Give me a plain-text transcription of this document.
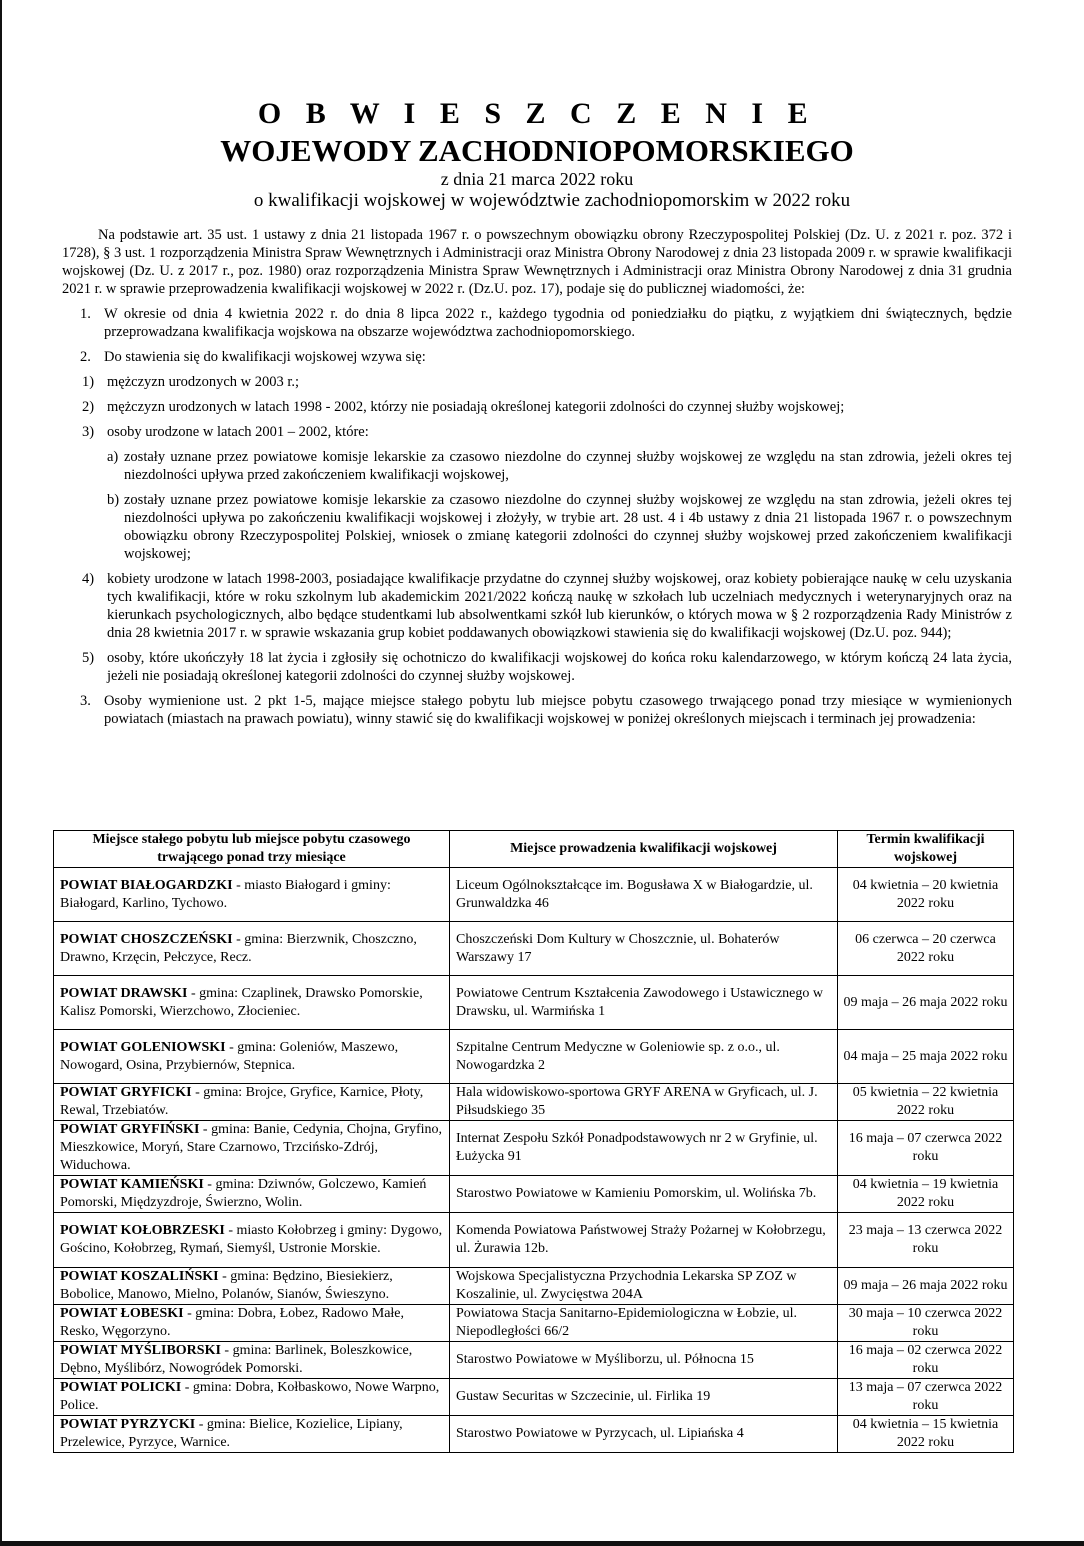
O B W I E S Z C Z E N I E
WOJEWODY ZACHODNIOPOMORSKIEGO
z dnia 21 marca 2022 roku
o kwalifikacji wojskowej w województwie zachodniopomorskim w 2022 roku
Na podstawie art. 35 ust. 1 ustawy z dnia 21 listopada 1967 r. o powszechnym obowiązku obrony Rzeczypospolitej Polskiej (Dz. U. z 2021 r. poz. 372 i 1728), § 3 ust. 1 rozporządzenia Ministra Spraw Wewnętrznych i Administracji oraz Ministra Obrony Narodowej z dnia 23 listopada 2009 r. w sprawie kwalifikacji wojskowej (Dz. U. z 2017 r., poz. 1980) oraz rozporządzenia Ministra Spraw Wewnętrznych i Administracji oraz Ministra Obrony Narodowej z dnia 31 grudnia 2021 r. w sprawie przeprowadzenia kwalifikacji wojskowej w 2022 r. (Dz.U. poz. 17), podaje się do publicznej wiadomości, że:
1. W okresie od dnia 4 kwietnia 2022 r. do dnia 8 lipca 2022 r., każdego tygodnia od poniedziałku do piątku, z wyjątkiem dni świątecznych, będzie przeprowadzana kwalifikacja wojskowa na obszarze województwa zachodniopomorskiego.
2. Do stawienia się do kwalifikacji wojskowej wzywa się:
1) mężczyzn urodzonych w 2003 r.;
2) mężczyzn urodzonych w latach 1998 - 2002, którzy nie posiadają określonej kategorii zdolności do czynnej służby wojskowej;
3) osoby urodzone w latach 2001 – 2002, które:
a) zostały uznane przez powiatowe komisje lekarskie za czasowo niezdolne do czynnej służby wojskowej ze względu na stan zdrowia, jeżeli okres tej niezdolności upływa przed zakończeniem kwalifikacji wojskowej,
b) zostały uznane przez powiatowe komisje lekarskie za czasowo niezdolne do czynnej służby wojskowej ze względu na stan zdrowia, jeżeli okres tej niezdolności upływa po zakończeniu kwalifikacji wojskowej i złożyły, w trybie art. 28 ust. 4 i 4b ustawy z dnia 21 listopada 1967 r. o powszechnym obowiązku obrony Rzeczypospolitej Polskiej, wniosek o zmianę kategorii zdolności do czynnej służby wojskowej przed zakończeniem kwalifikacji wojskowej;
4) kobiety urodzone w latach 1998-2003, posiadające kwalifikacje przydatne do czynnej służby wojskowej, oraz kobiety pobierające naukę w celu uzyskania tych kwalifikacji, które w roku szkolnym lub akademickim 2021/2022 kończą naukę w szkołach lub uczelniach medycznych i weterynaryjnych oraz na kierunkach psychologicznych, albo będące studentkami lub absolwentkami szkół lub kierunków, o których mowa w § 2 rozporządzenia Rady Ministrów z dnia 28 kwietnia 2017 r. w sprawie wskazania grup kobiet poddawanych obowiązkowi stawienia się do kwalifikacji wojskowej (Dz.U. poz. 944);
5) osoby, które ukończyły 18 lat życia i zgłosiły się ochotniczo do kwalifikacji wojskowej do końca roku kalendarzowego, w którym kończą 24 lata życia, jeżeli nie posiadają określonej kategorii zdolności do czynnej służby wojskowej.
3. Osoby wymienione ust. 2 pkt 1-5, mające miejsce stałego pobytu lub miejsce pobytu czasowego trwającego ponad trzy miesiące w wymienionych powiatach (miastach na prawach powiatu), winny stawić się do kwalifikacji wojskowej w poniżej określonych miejscach i terminach jej prowadzenia:
Miejsce stałego pobytu lub miejsce pobytu czasowego trwającego ponad trzy miesiące	Miejsce prowadzenia kwalifikacji wojskowej	Termin kwalifikacji wojskowej
POWIAT BIAŁOGARDZKI - miasto Białogard i gminy: Białogard, Karlino, Tychowo.	Liceum Ogólnokształcące im. Bogusława X w Białogardzie, ul. Grunwaldzka 46	04 kwietnia – 20 kwietnia 2022 roku
POWIAT CHOSZCZEŃSKI - gmina: Bierzwnik, Choszczno, Drawno, Krzęcin, Pełczyce, Recz.	Choszczeński Dom Kultury w Choszcznie, ul. Bohaterów Warszawy 17	06 czerwca – 20 czerwca 2022 roku
POWIAT DRAWSKI - gmina: Czaplinek, Drawsko Pomorskie, Kalisz Pomorski, Wierzchowo, Złocieniec.	Powiatowe Centrum Kształcenia Zawodowego i Ustawicznego w Drawsku, ul. Warmińska 1	09 maja – 26 maja 2022 roku
POWIAT GOLENIOWSKI - gmina: Goleniów, Maszewo, Nowogard, Osina, Przybiernów, Stepnica.	Szpitalne Centrum Medyczne w Goleniowie sp. z o.o., ul. Nowogardzka 2	04 maja – 25 maja 2022 roku
POWIAT GRYFICKI - gmina: Brojce, Gryfice, Karnice, Płoty, Rewal, Trzebiatów.	Hala widowiskowo-sportowa GRYF ARENA w Gryficach, ul. J. Piłsudskiego 35	05 kwietnia – 22 kwietnia 2022 roku
POWIAT GRYFIŃSKI - gmina: Banie, Cedynia, Chojna, Gryfino, Mieszkowice, Moryń, Stare Czarnowo, Trzcińsko-Zdrój, Widuchowa.	Internat Zespołu Szkół Ponadpodstawowych nr 2 w Gryfinie, ul. Łużycka 91	16 maja – 07 czerwca 2022 roku
POWIAT KAMIEŃSKI - gmina: Dziwnów, Golczewo, Kamień Pomorski, Międzyzdroje, Świerzno, Wolin.	Starostwo Powiatowe w Kamieniu Pomorskim, ul. Wolińska 7b.	04 kwietnia – 19 kwietnia 2022 roku
POWIAT KOŁOBRZESKI - miasto Kołobrzeg i gminy: Dygowo, Gościno, Kołobrzeg, Rymań, Siemyśl, Ustronie Morskie.	Komenda Powiatowa Państwowej Straży Pożarnej w Kołobrzegu, ul. Żurawia 12b.	23 maja – 13 czerwca 2022 roku
POWIAT KOSZALIŃSKI - gmina: Będzino, Biesiekierz, Bobolice, Manowo, Mielno, Polanów, Sianów, Świeszyno.	Wojskowa Specjalistyczna Przychodnia Lekarska SP ZOZ w Koszalinie, ul. Zwycięstwa 204A	09 maja – 26 maja 2022 roku
POWIAT ŁOBESKI - gmina: Dobra, Łobez, Radowo Małe, Resko, Węgorzyno.	Powiatowa Stacja Sanitarno-Epidemiologiczna w Łobzie, ul. Niepodległości 66/2	30 maja – 10 czerwca 2022 roku
POWIAT MYŚLIBORSKI - gmina: Barlinek, Boleszkowice, Dębno, Myślibórz, Nowogródek Pomorski.	Starostwo Powiatowe w Myśliborzu, ul. Północna 15	16 maja – 02 czerwca 2022 roku
POWIAT POLICKI - gmina: Dobra, Kołbaskowo, Nowe Warpno, Police.	Gustaw Securitas w Szczecinie, ul. Firlika 19	13 maja – 07 czerwca 2022 roku
POWIAT PYRZYCKI - gmina: Bielice, Kozielice, Lipiany, Przelewice, Pyrzyce, Warnice.	Starostwo Powiatowe w Pyrzycach, ul. Lipiańska 4	04 kwietnia – 15 kwietnia 2022 roku
